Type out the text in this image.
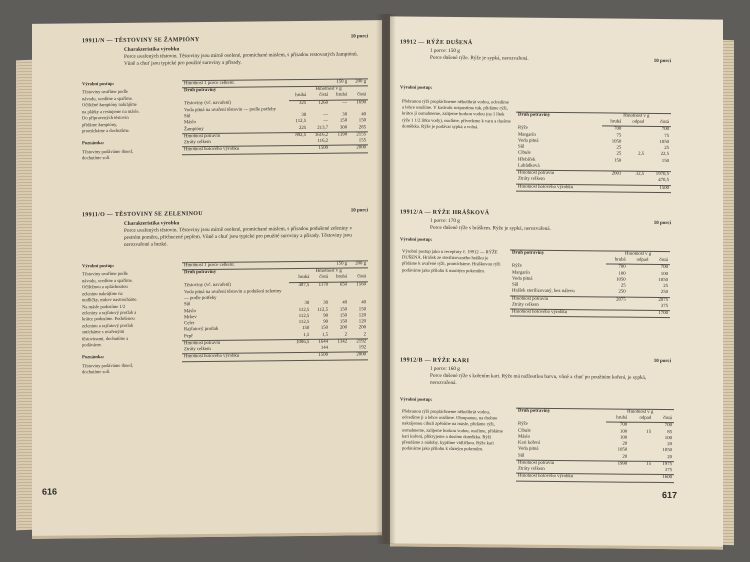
19911/N — TĚSTOVINY SE ŽAMPIÓNY
10 porcí
Charakteristika výrobku
Porce uvařených těstovin. Těstoviny jsou mírně osolené, promíchané máslem, s přísadou restovaných žampiónů. Vůně a chuť jsou typické pro použité suroviny a přísady.
Výrobní postup:
Těstoviny uvaříme podle návodu, scedíme a spaříme. Očištěné žampióny nakrájíme na plátky a restujeme na másle. Do připravených těstovin přidáme žampióny, promícháme a dochutíme.
Poznámka:
Těstoviny podáváme ihned, dochutíme solí.
Hmotnost 1 porce celkem:			150 g	200 g
Druh potraviny	Hmotnost v g			
	hrubá	čistá	hrubá	čistá
Těstoviny (vč. navaření)	325	1260	—	1690
Voda pitná na uvaření těstovin — podle potřeby				
Sůl	30	—	30	40
Máslo	112,5	—	150	150
Žampióny	225	213,7	300	285
Hmotnost potravin	892,5	1616,2	1190	2155
Ztráty celkem		116,2		155
Hmotnost hotového výrobku		1500		2000
19911/O — TĚSTOVINY SE ZELENINOU
10 porcí
Charakteristika výrobku
Porce uvařených těstovin. Těstoviny jsou mírně osolené, promíchané máslem, s přísadou podušené zeleniny v pestrém poměru, přichucené pepřem. Vůně a chuť jsou typické pro použité suroviny a přísady. Těstoviny jsou nerozvařené a hezké.
Výrobní postup:
Těstoviny uvaříme podle návodu, scedíme a spaříme. Očištěnou a opláchnutou zeleninu nakrájíme na nudličky, mrkev nastrouháme. Na másle podusíme 1/2 zeleniny a rajčatový protlak a krátce podusíme. Podušenou zeleninu a rajčatový protlak smícháme s uvařenými těstovinami, dochutíme a podáváme.
Poznámka:
Těstoviny podáváme ihned, dochutíme solí.
Hmotnost 1 porce celkem:			150 g	200 g
Druh potraviny	Hmotnost v g			
	hrubá	čistá	hrubá	čistá
Těstoviny (vč. navaření)	487,5	1170	650	1560
Voda pitná na uvaření těstovin a podušení zeleniny — podle potřeby				
Sůl	30	30	40	40
Máslo	112,5	112,5	150	150
Mrkev	112,5	90	150	120
Celer	112,5	90	150	120
Rajčatový protlak	150	150	200	200
Pepř	1,5	1,5	2	2
Hmotnost potravin	1006,5	1644	1342	2192
Ztráty celkem		144		192
Hmotnost hotového výrobku		1500		2000
616
19912 — RÝŽE DUŠENÁ
10 porcí
1 porce: 150 g
Porce dušené rýže. Rýže je sypká, nerozvařená.
Výrobní postup:
Přebranou rýži propláchneme několikrát vodou, odcedíme a lehce osušíme. V kastrolu rozpustíme tuk, přidáme rýži, krátce ji osmahneme, zalijeme horkou vodou (na 1 lítek rýže 1 1/2 lítku vody), osolíme, přivedeme k varu a dusíme doměkka. Rýže je podávat sypká a volná.
Druh potraviny	Hmotnost v g		
	hrubá	odpad	čistá
Rýže	700		700
Margarín	75		75
Voda pitná	1050		1050
Sůl	25		25
Cibule	25	2,5	22,5
Hřebíček	150		150
Lahůdková			
Hmotnost potravin	2001	32,5	1970,5
Ztráty celkem			470,5
Hmotnost hotového výrobku			1500
19912/A — RÝŽE HRÁŠKOVÁ
10 porcí
1 porce: 170 g
Porce dušené rýže s hráškem. Rýže je sypká, nerozvařená.
Výrobní postup:
Výrobní postup jako u receptury č. 19912 — RÝŽE DUŠENÁ. Hrášek ze sterilizovaného hrášku je přidáme k uvařené rýži, promícháme. Hráškovou rýži podáváme jako přílohu k masitým pokrmům.
Druh potraviny	Hmotnost v g		
	hrubá	odpad	čistá
Rýže	700		700
Margarín	100		100
Voda pitná	1050		1050
Sůl	25		25
Hrášek sterilizovaný, bez nálevu	250		250
Hmotnost potravin	2075		2075
Ztráty celkem			375
Hmotnost hotového výrobku			1700
19912/B — RÝŽE KARI	10 porcí
1 porce: 160 g
Porce dušené rýže s kořením kari. Rýže má nažloutlou barvu, vůně a chuť po použitém koření, je sypká, nerozvařená.
Výrobní postup:
Přebranou rýži propláchneme několikrát vodou, odcedíme ji a lehce osušíme. Oloupanou, na drobno nakrájenou cibuli zpěníme na másle, přidáme rýži, osmahneme, zalijeme horkou vodou, osolíme, přidáme kari koření, přikryjeme a dusíme doměkka. Rýži přendáme z nádoby, kypříme vidličkou. Rýže kari podáváme jako přílohu k různým pokrmům.
Druh potraviny	Hmotnost v g		
	hrubá	odpad	čistá
Rýže	700		700
Cibule	100	15	85
Máslo	100		100
Kari koření	20		20
Voda pitná	1050		1050
Sůl	20		20
Hmotnost potravin	1990	15	1975
Ztráty celkem			375
Hmotnost hotového výrobku			1600
617
